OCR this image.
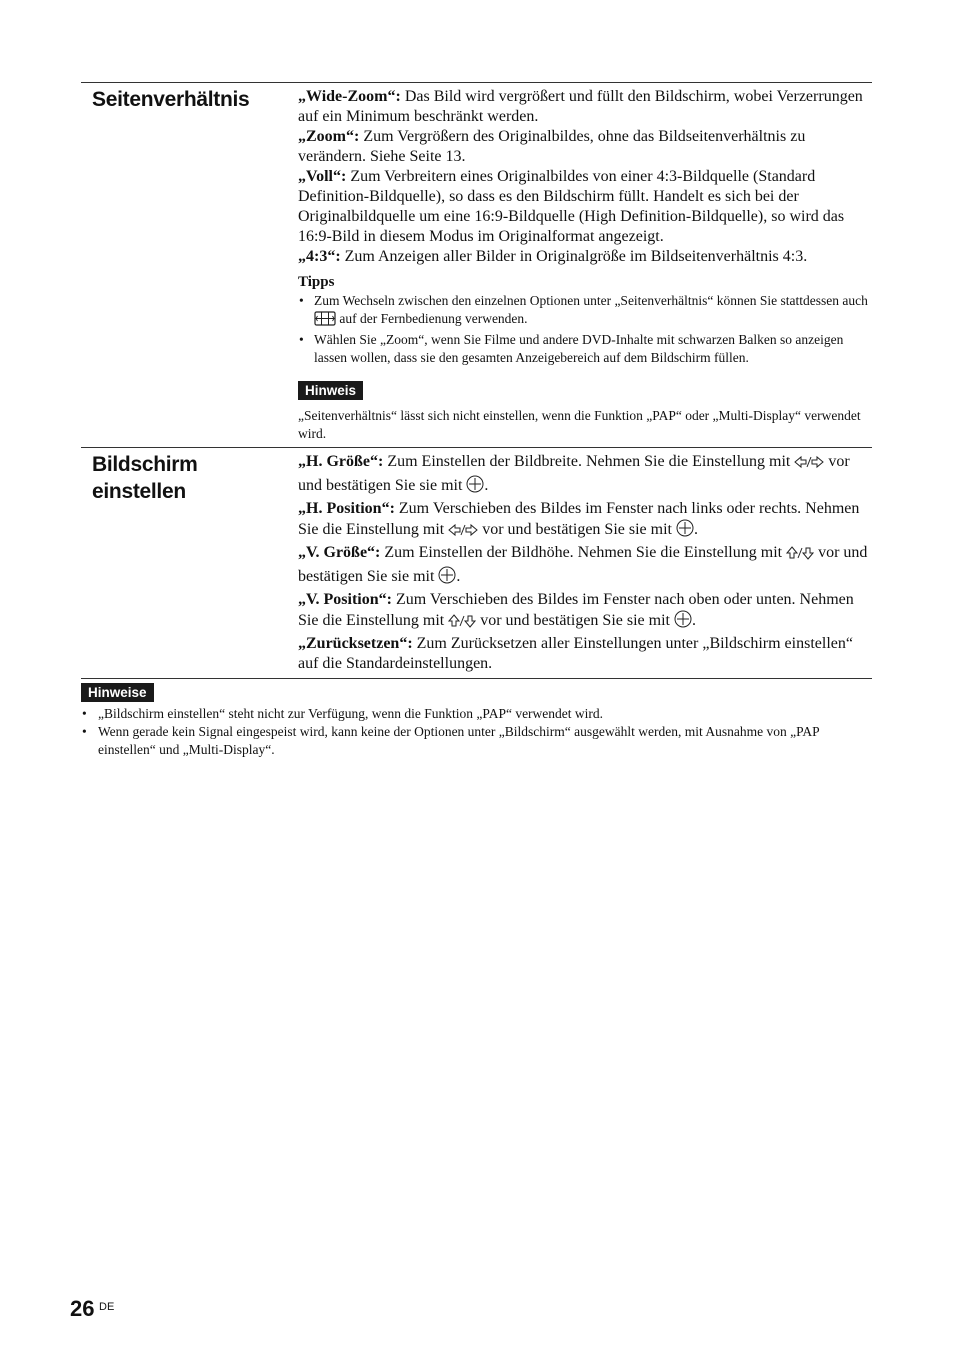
Seitenverhältnis	„Wide-Zoom“: Das Bild wird vergrößert und füllt den Bildschirm, wobei Verzerrungen auf ein Minimum beschränkt werden.

„Zoom“: Zum Vergrößern des Originalbildes, ohne das Bildseitenverhältnis zu verändern. Siehe Seite 13.

„Voll“: Zum Verbreitern eines Originalbildes von einer 4:3-Bildquelle (Standard Definition-Bildquelle), so dass es den Bildschirm füllt. Handelt es sich bei der Originalbildquelle um eine 16:9-Bildquelle (High Definition-Bildquelle), so wird das 16:9-Bild in diesem Modus im Originalformat angezeigt.

„4:3“: Zum Anzeigen aller Bilder in Originalgröße im Bildseitenverhältnis 4:3.

Tipps
• Zum Wechseln zwischen den einzelnen Optionen unter „Seitenverhältnis“ können Sie stattdessen auch  auf der Fernbedienung verwenden.
• Wählen Sie „Zoom“, wenn Sie Filme und andere DVD-Inhalte mit schwarzen Balken so anzeigen lassen wollen, dass sie den gesamten Anzeigebereich auf dem Bildschirm füllen.
Hinweis
„Seitenverhältnis“ lässt sich nicht einstellen, wenn die Funktion „PAP“ oder „Multi-Display“ verwendet wird.
Bildschirm einstellen

„H. Größe“: Zum Einstellen der Bildbreite. Nehmen Sie die Einstellung mit  vor und bestätigen Sie sie mit .

„H. Position“: Zum Verschieben des Bildes im Fenster nach links oder rechts. Nehmen Sie die Einstellung mit  vor und bestätigen Sie sie mit .

„V. Größe“: Zum Einstellen der Bildhöhe. Nehmen Sie die Einstellung mit  vor und bestätigen Sie sie mit .

„V. Position“: Zum Verschieben des Bildes im Fenster nach oben oder unten. Nehmen Sie die Einstellung mit  vor und bestätigen Sie sie mit .

„Zurücksetzen“: Zum Zurücksetzen aller Einstellungen unter „Bildschirm einstellen“ auf die Standardeinstellungen.

Hinweise
• „Bildschirm einstellen“ steht nicht zur Verfügung, wenn die Funktion „PAP“ verwendet wird.
• Wenn gerade kein Signal eingespeist wird, kann keine der Optionen unter „Bildschirm“ ausgewählt werden, mit Ausnahme von „PAP einstellen“ und „Multi-Display“.
26 DE
